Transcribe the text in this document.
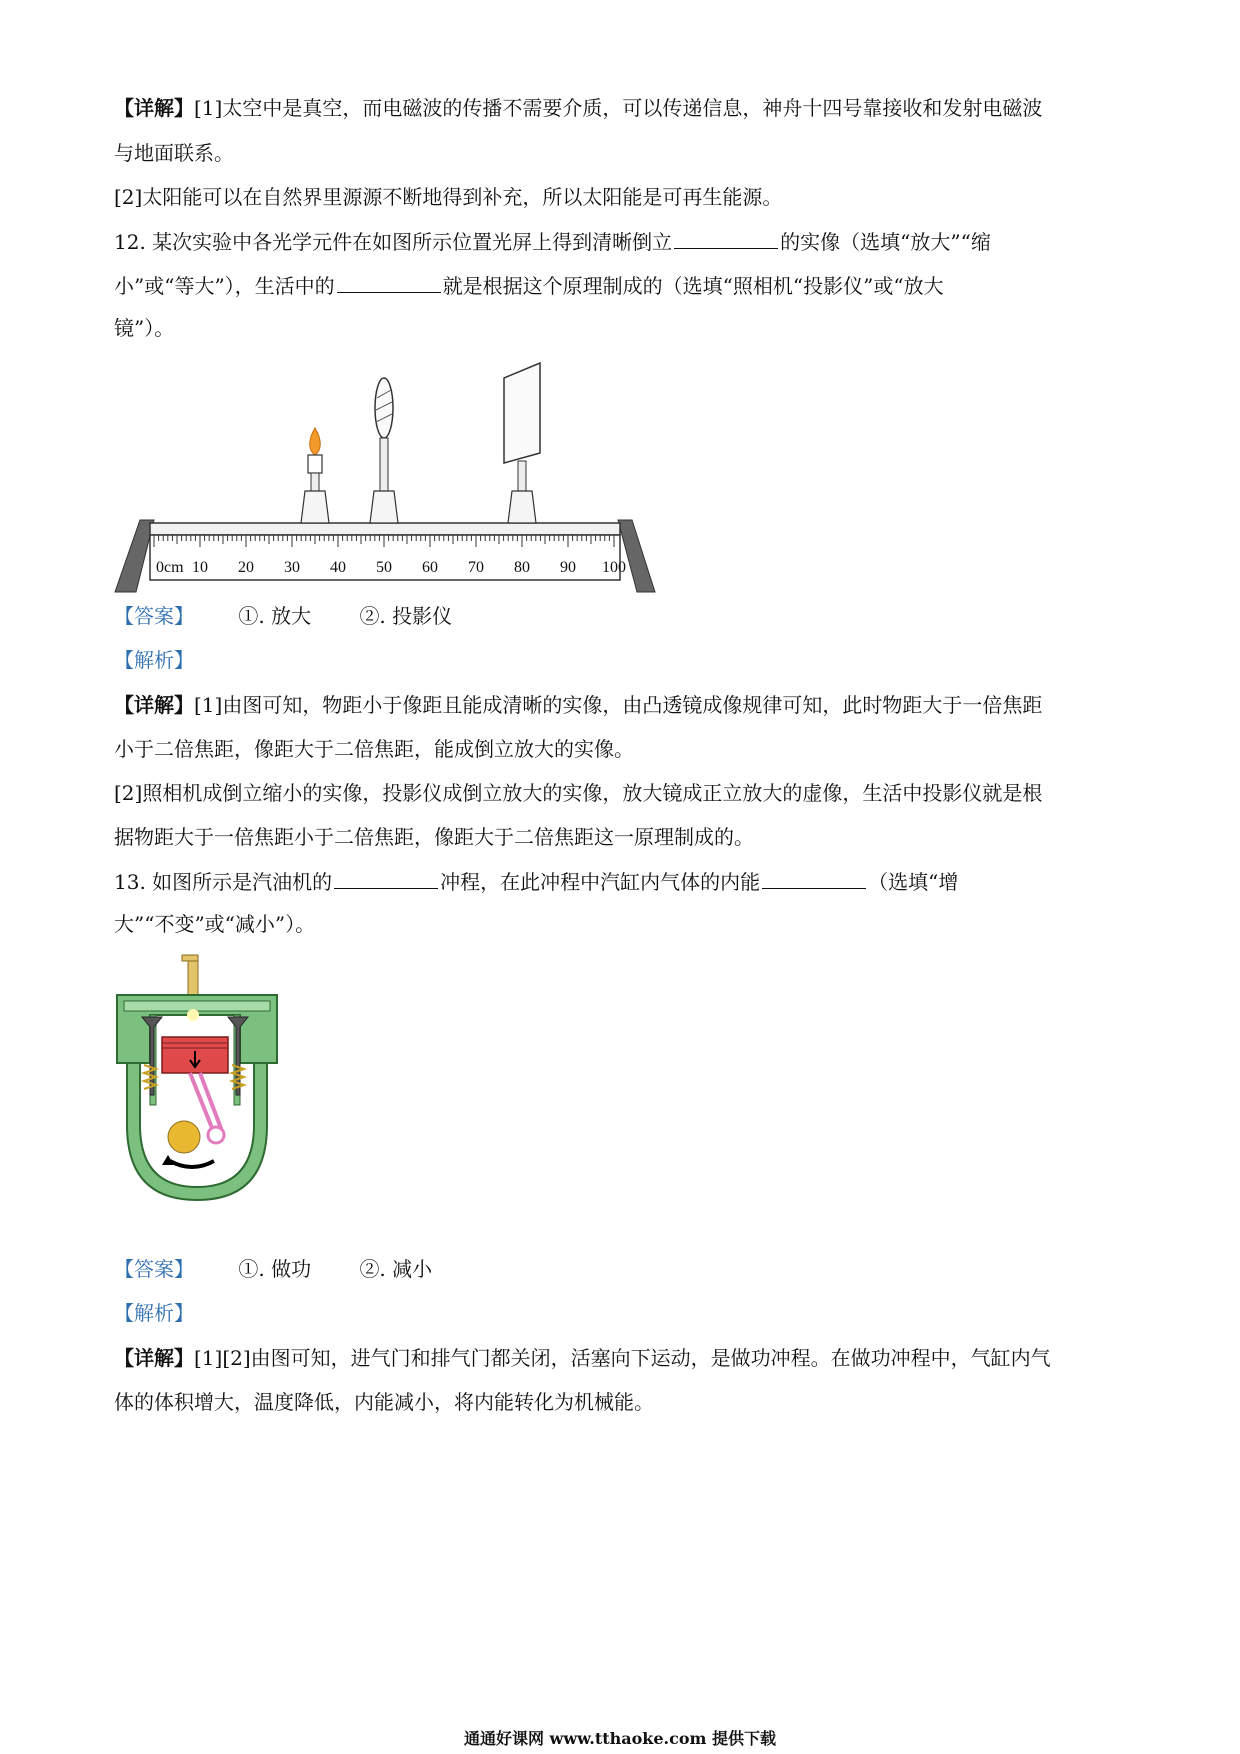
【详解】[1]太空中是真空，而电磁波的传播不需要介质，可以传递信息，神舟十四号靠接收和发射电磁波
与地面联系。
[2]太阳能可以在自然界里源源不断地得到补充，所以太阳能是可再生能源。
12. 某次实验中各光学元件在如图所示位置光屏上得到清晰倒立	的实像（选填“放大”“缩
小”或“等大”），生活中的	就是根据这个原理制成的（选填“照相机“投影仪”或“放大
镜”）。
0cm 10 20 30 40 50 60 70 80 90 100
【答案】 ①. 放大 ②. 投影仪
【解析】
【详解】[1]由图可知，物距小于像距且能成清晰的实像，由凸透镜成像规律可知，此时物距大于一倍焦距
小于二倍焦距，像距大于二倍焦距，能成倒立放大的实像。
[2]照相机成倒立缩小的实像，投影仪成倒立放大的实像，放大镜成正立放大的虚像，生活中投影仪就是根
据物距大于一倍焦距小于二倍焦距，像距大于二倍焦距这一原理制成的。
13. 如图所示是汽油机的	冲程，在此冲程中汽缸内气体的内能	（选填“增
大”“不变”或“减小”）。
【答案】 ①. 做功 ②. 减小
【解析】
【详解】[1][2]由图可知，进气门和排气门都关闭，活塞向下运动，是做功冲程。在做功冲程中，气缸内气
体的体积增大，温度降低，内能减小，将内能转化为机械能。
通通好课网 www.tthaoke.com 提供下载
